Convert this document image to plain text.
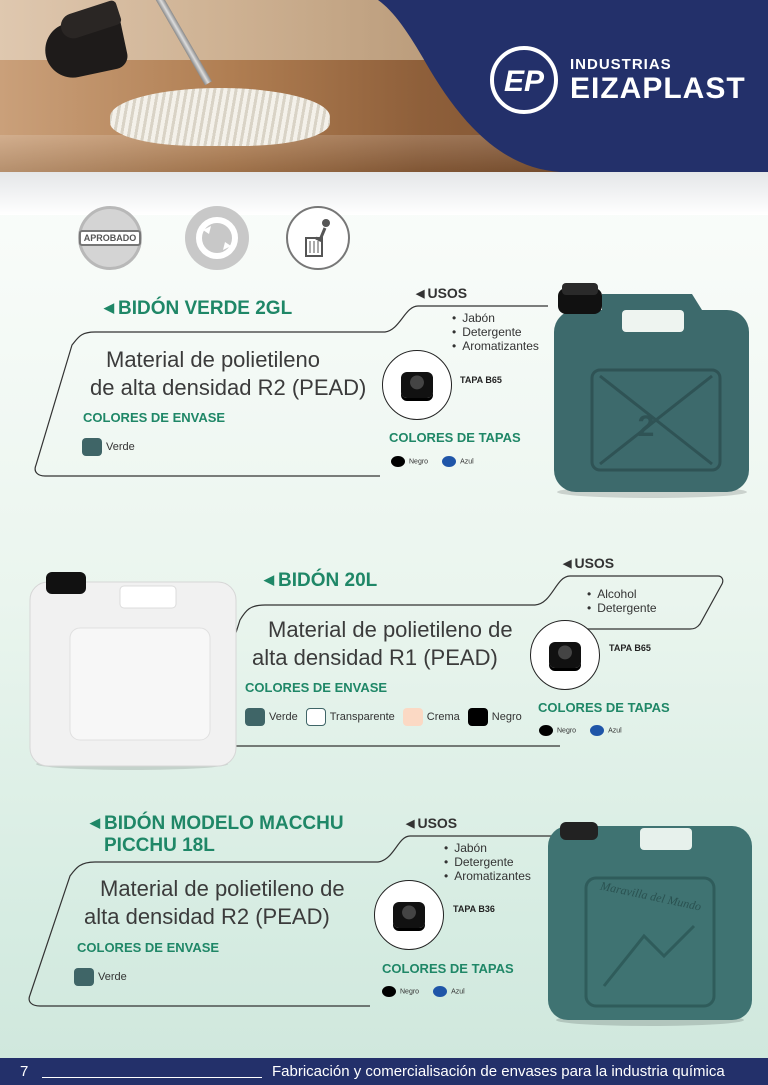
EP
INDUSTRIAS
EIZAPLAST
APROBADO
◀ BIDÓN VERDE 2GL
◀ USOS
• Jabón
• Detergente
• Aromatizantes
Material de polietileno
de alta densidad R2 (PEAD)
COLORES DE ENVASE
Verde
TAPA B65
COLORES DE TAPAS
Negro	Azul
2
◀ BIDÓN 20L
◀ USOS
• Alcohol
• Detergente
Material de polietileno de
alta densidad R1 (PEAD)
COLORES DE ENVASE
Verde	Transparente	Crema	Negro
TAPA B65
COLORES DE TAPAS
Negro	Azul
◀ BIDÓN MODELO MACCHU
PICCHU 18L
◀ USOS
• Jabón
• Detergente
• Aromatizantes
Material de polietileno de
alta densidad R2 (PEAD)
COLORES DE ENVASE
Verde
TAPA B36
COLORES DE TAPAS
Negro	Azul
Maravilla del Mundo
7	Fabricación y comercialisación de envases para la industria química
